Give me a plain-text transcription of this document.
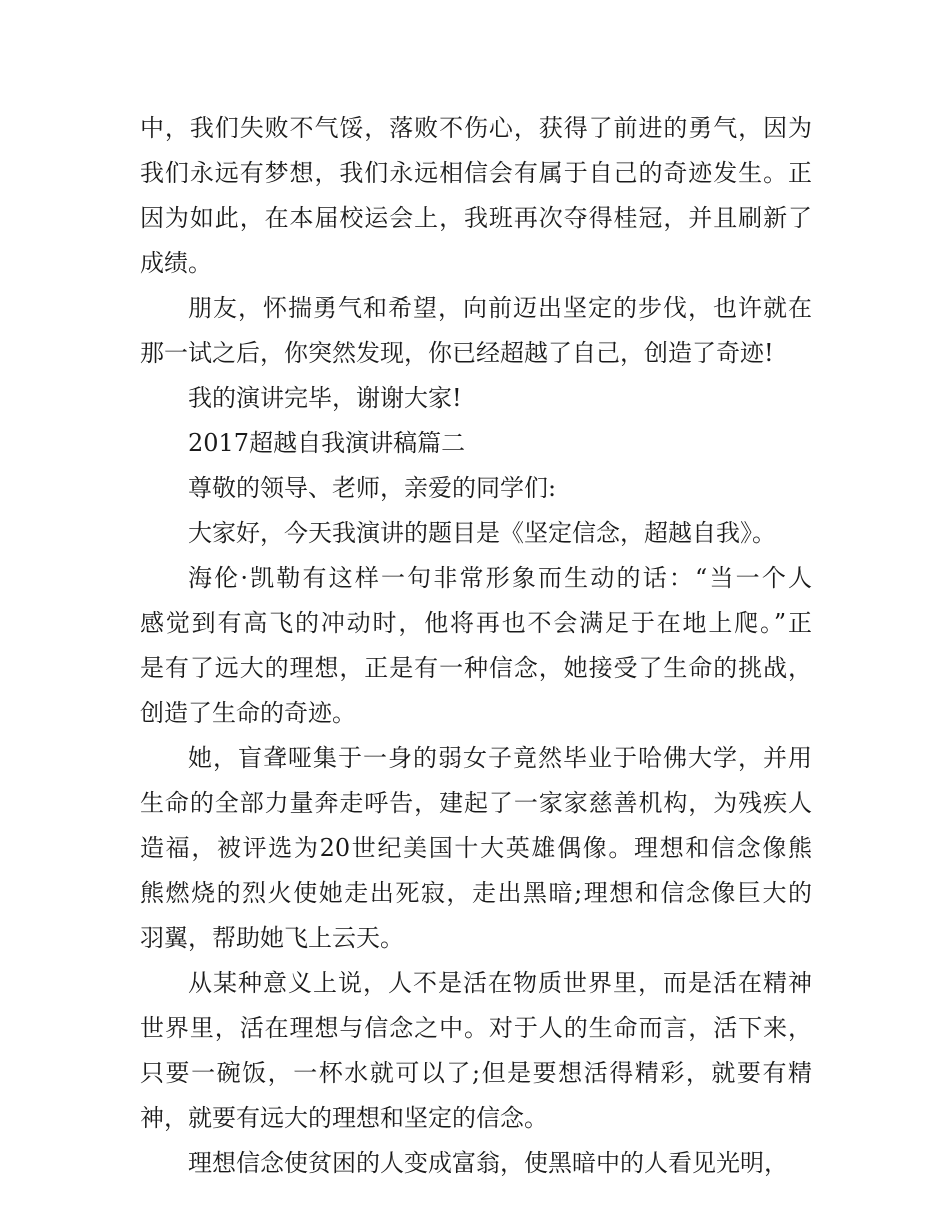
中，我们失败不气馁，落败不伤心，获得了前进的勇气，因为
我们永远有梦想，我们永远相信会有属于自己的奇迹发生。正
因为如此，在本届校运会上，我班再次夺得桂冠，并且刷新了
成绩。
朋友，怀揣勇气和希望，向前迈出坚定的步伐，也许就在
那一试之后，你突然发现，你已经超越了自己，创造了奇迹!
我的演讲完毕，谢谢大家!
2017超越自我演讲稿篇二
尊敬的领导、老师，亲爱的同学们:
大家好，今天我演讲的题目是《坚定信念，超越自我》。
海伦·凯勒有这样一句非常形象而生动的话：“当一个人
感觉到有高飞的冲动时，他将再也不会满足于在地上爬。”正
是有了远大的理想，正是有一种信念，她接受了生命的挑战，
创造了生命的奇迹。
她，盲聋哑集于一身的弱女子竟然毕业于哈佛大学，并用
生命的全部力量奔走呼告，建起了一家家慈善机构，为残疾人
造福，被评选为20世纪美国十大英雄偶像。理想和信念像熊
熊燃烧的烈火使她走出死寂，走出黑暗;理想和信念像巨大的
羽翼，帮助她飞上云天。
从某种意义上说，人不是活在物质世界里，而是活在精神
世界里，活在理想与信念之中。对于人的生命而言，活下来，
只要一碗饭，一杯水就可以了;但是要想活得精彩，就要有精
神，就要有远大的理想和坚定的信念。
理想信念使贫困的人变成富翁，使黑暗中的人看见光明，
